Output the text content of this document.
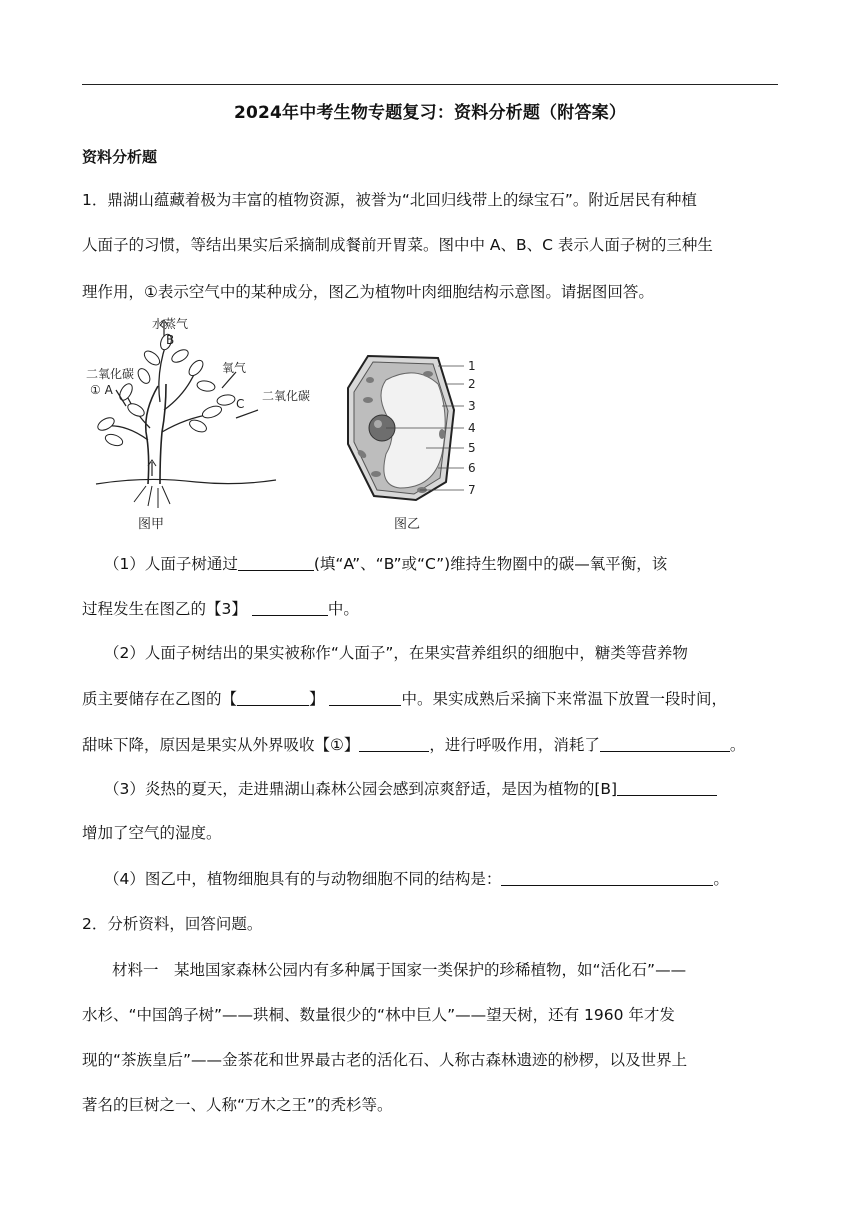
2024年中考生物专题复习：资料分析题（附答案）
资料分析题
1．鼎湖山蕴藏着极为丰富的植物资源，被誉为“北回归线带上的绿宝石”。附近居民有种植
人面子的习惯，等结出果实后采摘制成餐前开胃菜。图中中 A、B、C 表示人面子树的三种生
理作用，①表示空气中的某种成分，图乙为植物叶肉细胞结构示意图。请据图回答。
水蒸气
B
氧气
二氧化碳
① A	二氧化碳
C
图甲
1
2
3
4
5
6
7
图乙
（1）人面子树通过	(填“A”、“B”或“C”)维持生物圈中的碳—氧平衡，该
过程发生在图乙的【3】	中。
（2）人面子树结出的果实被称作“人面子”，在果实营养组织的细胞中，糖类等营养物
质主要储存在乙图的【	】	中。果实成熟后采摘下来常温下放置一段时间，
甜味下降，原因是果实从外界吸收【①】	，进行呼吸作用，消耗了	。
（3）炎热的夏天，走进鼎湖山森林公园会感到凉爽舒适，是因为植物的[B]
增加了空气的湿度。
（4）图乙中，植物细胞具有的与动物细胞不同的结构是：	。
2．分析资料，回答问题。
材料一　某地国家森林公园内有多种属于国家一类保护的珍稀植物，如“活化石”——
水杉、“中国鸽子树”——珙桐、数量很少的“林中巨人”——望天树，还有 1960 年才发
现的“茶族皇后”——金茶花和世界最古老的活化石、人称古森林遗迹的桫椤，以及世界上
著名的巨树之一、人称“万木之王”的秃杉等。
